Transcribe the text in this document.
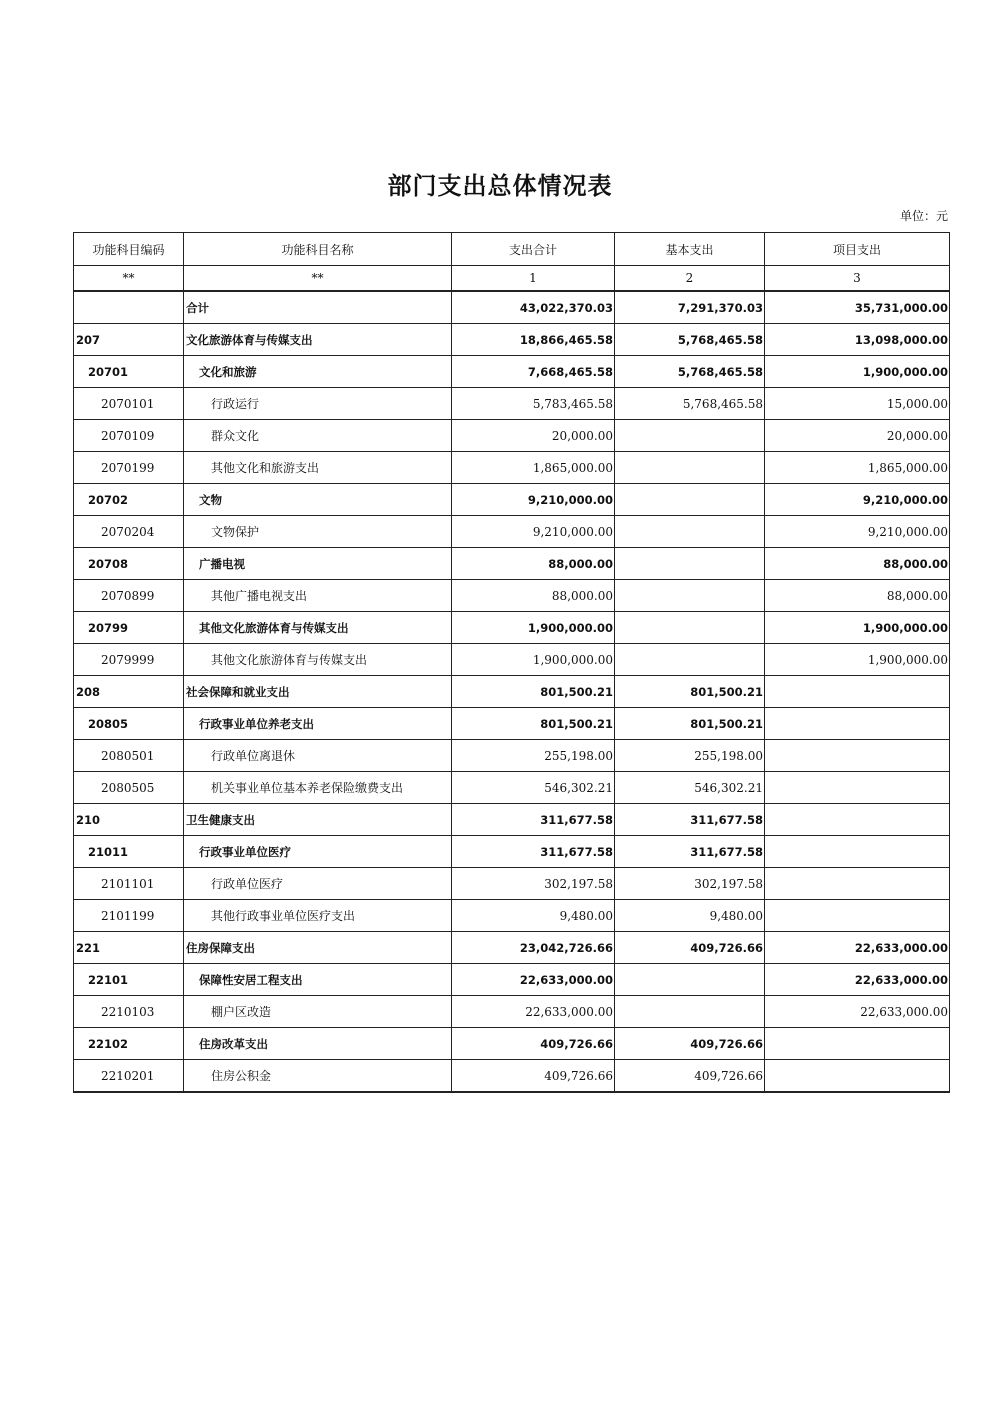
部门支出总体情况表
单位：元
功能科目编码	功能科目名称	支出合计	基本支出	项目支出
**	**	1	2	3
	合计	43,022,370.03	7,291,370.03	35,731,000.00
207	文化旅游体育与传媒支出	18,866,465.58	5,768,465.58	13,098,000.00
20701	文化和旅游	7,668,465.58	5,768,465.58	1,900,000.00
2070101	行政运行	5,783,465.58	5,768,465.58	15,000.00
2070109	群众文化	20,000.00		20,000.00
2070199	其他文化和旅游支出	1,865,000.00		1,865,000.00
20702	文物	9,210,000.00		9,210,000.00
2070204	文物保护	9,210,000.00		9,210,000.00
20708	广播电视	88,000.00		88,000.00
2070899	其他广播电视支出	88,000.00		88,000.00
20799	其他文化旅游体育与传媒支出	1,900,000.00		1,900,000.00
2079999	其他文化旅游体育与传媒支出	1,900,000.00		1,900,000.00
208	社会保障和就业支出	801,500.21	801,500.21	
20805	行政事业单位养老支出	801,500.21	801,500.21	
2080501	行政单位离退休	255,198.00	255,198.00	
2080505	机关事业单位基本养老保险缴费支出	546,302.21	546,302.21	
210	卫生健康支出	311,677.58	311,677.58	
21011	行政事业单位医疗	311,677.58	311,677.58	
2101101	行政单位医疗	302,197.58	302,197.58	
2101199	其他行政事业单位医疗支出	9,480.00	9,480.00	
221	住房保障支出	23,042,726.66	409,726.66	22,633,000.00
22101	保障性安居工程支出	22,633,000.00		22,633,000.00
2210103	棚户区改造	22,633,000.00		22,633,000.00
22102	住房改革支出	409,726.66	409,726.66	
2210201	住房公积金	409,726.66	409,726.66	
